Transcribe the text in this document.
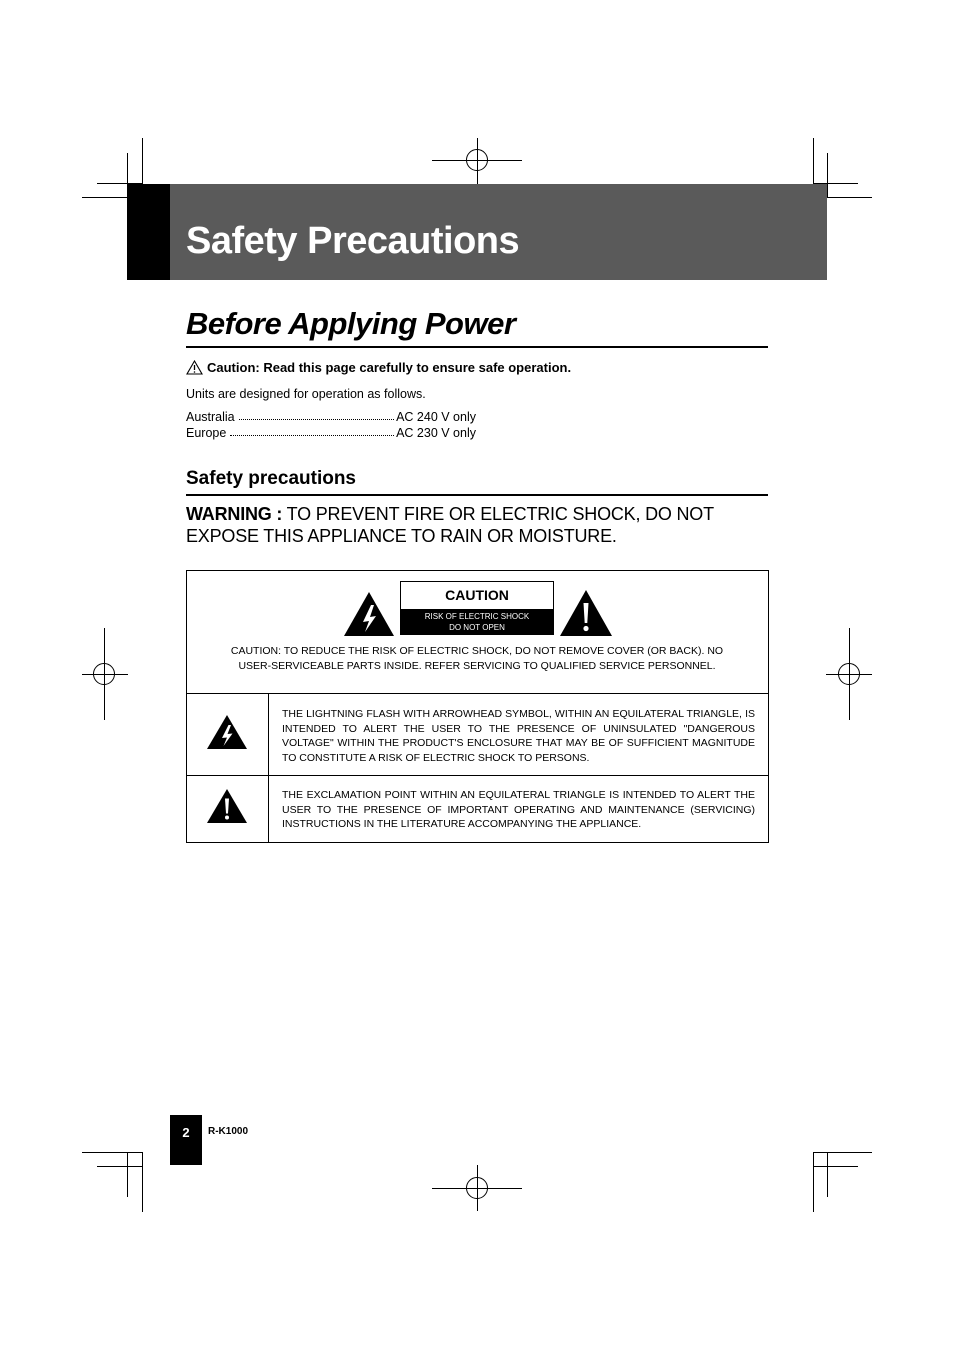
Safety Precautions
Before Applying Power
Caution: Read this page carefully to ensure safe operation.
Units are designed for operation as follows.
Australia	AC 240 V only
Europe	AC 230 V only
Safety precautions
WARNING : TO PREVENT FIRE OR ELECTRIC SHOCK, DO NOT EXPOSE THIS APPLIANCE TO RAIN OR MOISTURE.
CAUTION
RISK OF ELECTRIC SHOCK
DO NOT OPEN
CAUTION: TO REDUCE THE RISK OF ELECTRIC SHOCK, DO NOT REMOVE COVER (OR BACK). NO USER-SERVICEABLE PARTS INSIDE. REFER SERVICING TO QUALIFIED SERVICE PERSONNEL.
THE LIGHTNING FLASH WITH ARROWHEAD SYMBOL, WITHIN AN EQUILATERAL TRIANGLE, IS INTENDED TO ALERT THE USER TO THE PRESENCE OF UNINSULATED "DANGEROUS VOLTAGE" WITHIN THE PRODUCT'S ENCLOSURE THAT MAY BE OF SUFFICIENT MAGNITUDE TO CONSTITUTE A RISK OF ELECTRIC SHOCK TO PERSONS.
THE EXCLAMATION POINT WITHIN AN EQUILATERAL TRIANGLE IS INTENDED TO ALERT THE USER TO THE PRESENCE OF IMPORTANT OPERATING AND MAINTENANCE (SERVICING) INSTRUCTIONS IN THE LITERATURE ACCOMPANYING THE APPLIANCE.
2	R-K1000
